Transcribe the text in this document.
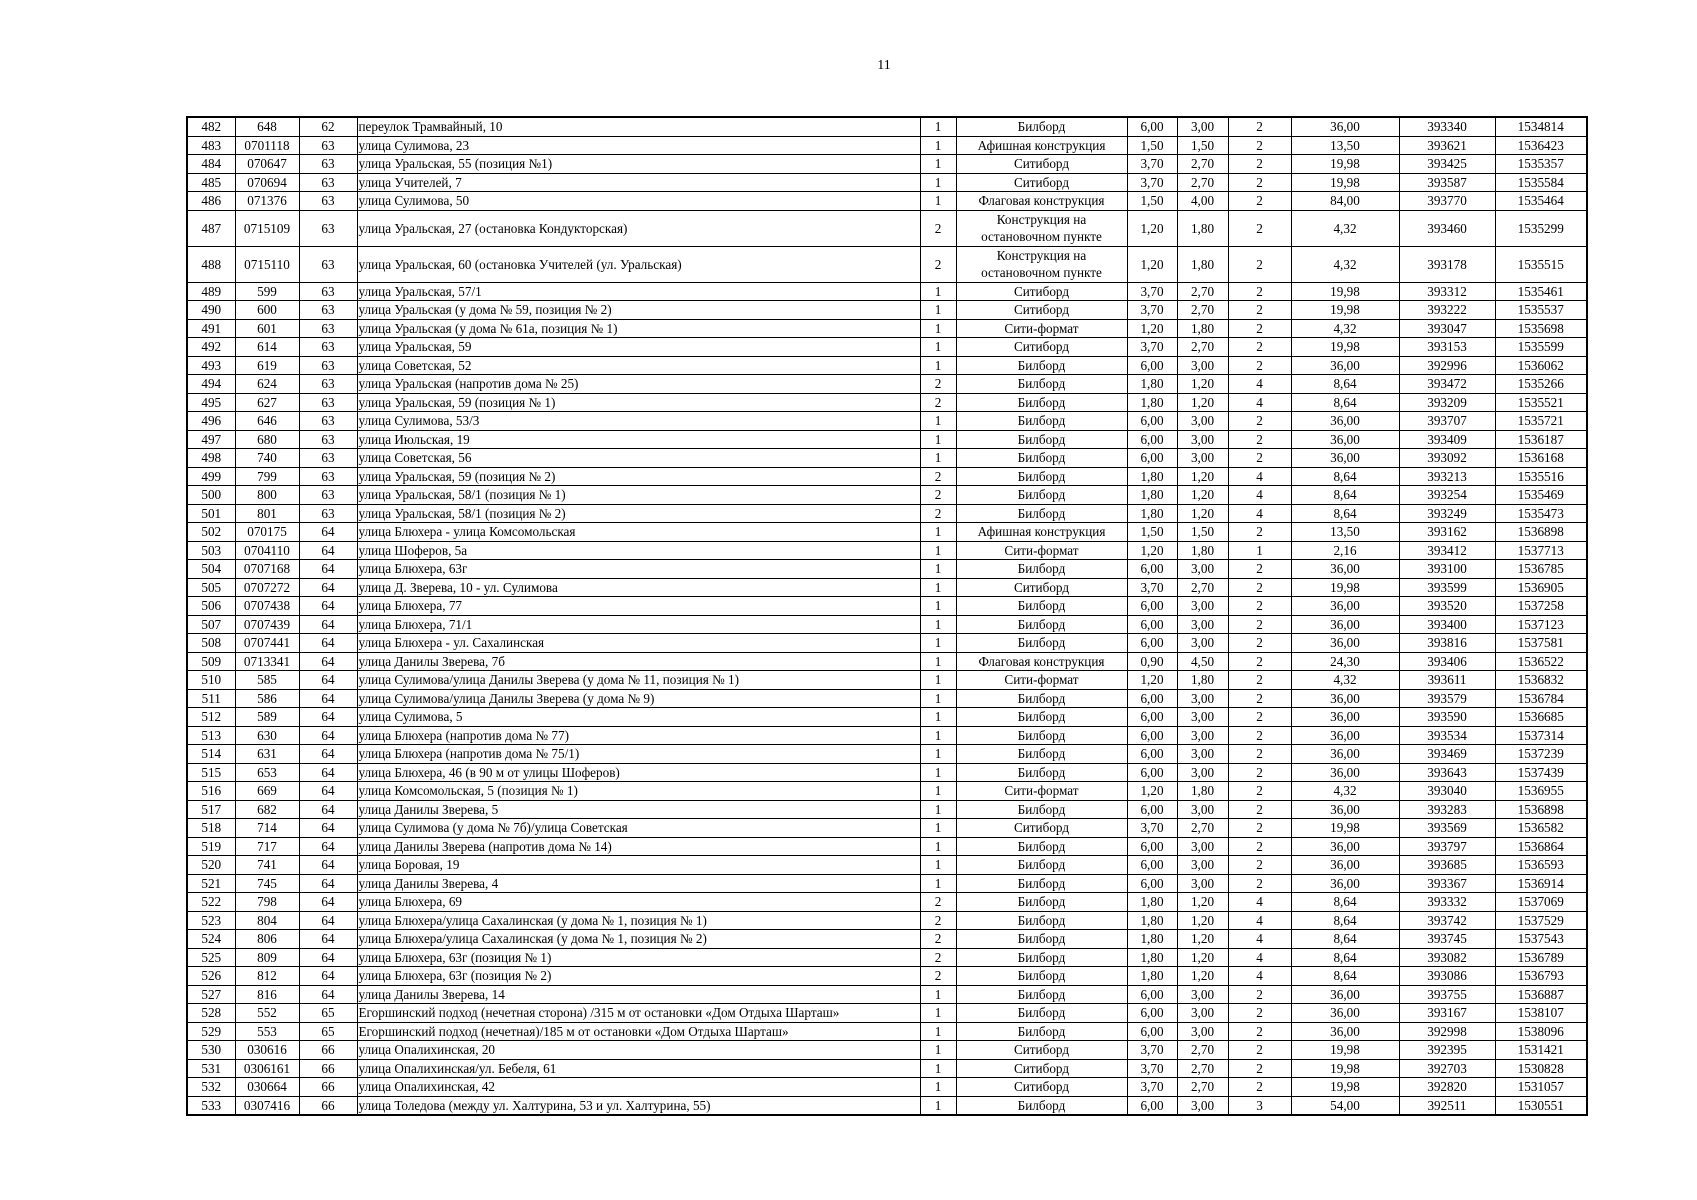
11
482	648	62	переулок Трамвайный, 10	1	Билборд	6,00	3,00	2	36,00	393340	1534814
483	0701118	63	улица Сулимова, 23	1	Афишная конструкция	1,50	1,50	2	13,50	393621	1536423
484	070647	63	улица Уральская, 55 (позиция №1)	1	Ситиборд	3,70	2,70	2	19,98	393425	1535357
485	070694	63	улица Учителей, 7	1	Ситиборд	3,70	2,70	2	19,98	393587	1535584
486	071376	63	улица Сулимова, 50	1	Флаговая конструкция	1,50	4,00	2	84,00	393770	1535464
487	0715109	63	улица Уральская, 27 (остановка Кондукторская)	2	Конструкция на остановочном пункте	1,20	1,80	2	4,32	393460	1535299
488	0715110	63	улица Уральская, 60 (остановка Учителей (ул. Уральская)	2	Конструкция на остановочном пункте	1,20	1,80	2	4,32	393178	1535515
489	599	63	улица Уральская, 57/1	1	Ситиборд	3,70	2,70	2	19,98	393312	1535461
490	600	63	улица Уральская (у дома № 59, позиция № 2)	1	Ситиборд	3,70	2,70	2	19,98	393222	1535537
491	601	63	улица Уральская (у дома № 61а, позиция № 1)	1	Сити-формат	1,20	1,80	2	4,32	393047	1535698
492	614	63	улица Уральская, 59	1	Ситиборд	3,70	2,70	2	19,98	393153	1535599
493	619	63	улица Советская, 52	1	Билборд	6,00	3,00	2	36,00	392996	1536062
494	624	63	улица Уральская (напротив дома № 25)	2	Билборд	1,80	1,20	4	8,64	393472	1535266
495	627	63	улица Уральская, 59 (позиция № 1)	2	Билборд	1,80	1,20	4	8,64	393209	1535521
496	646	63	улица Сулимова, 53/3	1	Билборд	6,00	3,00	2	36,00	393707	1535721
497	680	63	улица Июльская, 19	1	Билборд	6,00	3,00	2	36,00	393409	1536187
498	740	63	улица Советская, 56	1	Билборд	6,00	3,00	2	36,00	393092	1536168
499	799	63	улица Уральская, 59 (позиция № 2)	2	Билборд	1,80	1,20	4	8,64	393213	1535516
500	800	63	улица Уральская, 58/1 (позиция № 1)	2	Билборд	1,80	1,20	4	8,64	393254	1535469
501	801	63	улица Уральская, 58/1 (позиция № 2)	2	Билборд	1,80	1,20	4	8,64	393249	1535473
502	070175	64	улица Блюхера - улица Комсомольская	1	Афишная конструкция	1,50	1,50	2	13,50	393162	1536898
503	0704110	64	улица Шоферов, 5а	1	Сити-формат	1,20	1,80	1	2,16	393412	1537713
504	0707168	64	улица Блюхера, 63г	1	Билборд	6,00	3,00	2	36,00	393100	1536785
505	0707272	64	улица Д. Зверева, 10 - ул. Сулимова	1	Ситиборд	3,70	2,70	2	19,98	393599	1536905
506	0707438	64	улица Блюхера, 77	1	Билборд	6,00	3,00	2	36,00	393520	1537258
507	0707439	64	улица Блюхера, 71/1	1	Билборд	6,00	3,00	2	36,00	393400	1537123
508	0707441	64	улица Блюхера - ул. Сахалинская	1	Билборд	6,00	3,00	2	36,00	393816	1537581
509	0713341	64	улица Данилы Зверева, 7б	1	Флаговая конструкция	0,90	4,50	2	24,30	393406	1536522
510	585	64	улица Сулимова/улица Данилы Зверева (у дома № 11, позиция № 1)	1	Сити-формат	1,20	1,80	2	4,32	393611	1536832
511	586	64	улица Сулимова/улица Данилы Зверева (у дома № 9)	1	Билборд	6,00	3,00	2	36,00	393579	1536784
512	589	64	улица Сулимова, 5	1	Билборд	6,00	3,00	2	36,00	393590	1536685
513	630	64	улица Блюхера (напротив дома № 77)	1	Билборд	6,00	3,00	2	36,00	393534	1537314
514	631	64	улица Блюхера (напротив дома № 75/1)	1	Билборд	6,00	3,00	2	36,00	393469	1537239
515	653	64	улица Блюхера, 46 (в 90 м от улицы Шоферов)	1	Билборд	6,00	3,00	2	36,00	393643	1537439
516	669	64	улица Комсомольская, 5 (позиция № 1)	1	Сити-формат	1,20	1,80	2	4,32	393040	1536955
517	682	64	улица Данилы Зверева, 5	1	Билборд	6,00	3,00	2	36,00	393283	1536898
518	714	64	улица Сулимова (у дома № 7б)/улица Советская	1	Ситиборд	3,70	2,70	2	19,98	393569	1536582
519	717	64	улица Данилы Зверева (напротив дома № 14)	1	Билборд	6,00	3,00	2	36,00	393797	1536864
520	741	64	улица Боровая, 19	1	Билборд	6,00	3,00	2	36,00	393685	1536593
521	745	64	улица Данилы Зверева, 4	1	Билборд	6,00	3,00	2	36,00	393367	1536914
522	798	64	улица Блюхера, 69	2	Билборд	1,80	1,20	4	8,64	393332	1537069
523	804	64	улица Блюхера/улица Сахалинская (у дома № 1, позиция № 1)	2	Билборд	1,80	1,20	4	8,64	393742	1537529
524	806	64	улица Блюхера/улица Сахалинская (у дома № 1, позиция № 2)	2	Билборд	1,80	1,20	4	8,64	393745	1537543
525	809	64	улица Блюхера, 63г (позиция № 1)	2	Билборд	1,80	1,20	4	8,64	393082	1536789
526	812	64	улица Блюхера, 63г (позиция № 2)	2	Билборд	1,80	1,20	4	8,64	393086	1536793
527	816	64	улица Данилы Зверева, 14	1	Билборд	6,00	3,00	2	36,00	393755	1536887
528	552	65	Егоршинский подход (нечетная сторона) /315 м от остановки «Дом Отдыха Шарташ»	1	Билборд	6,00	3,00	2	36,00	393167	1538107
529	553	65	Егоршинский подход (нечетная)/185 м от остановки «Дом Отдыха Шарташ»	1	Билборд	6,00	3,00	2	36,00	392998	1538096
530	030616	66	улица Опалихинская, 20	1	Ситиборд	3,70	2,70	2	19,98	392395	1531421
531	0306161	66	улица Опалихинская/ул. Бебеля, 61	1	Ситиборд	3,70	2,70	2	19,98	392703	1530828
532	030664	66	улица Опалихинская, 42	1	Ситиборд	3,70	2,70	2	19,98	392820	1531057
533	0307416	66	улица Толедова (между ул. Халтурина, 53 и ул. Халтурина, 55)	1	Билборд	6,00	3,00	3	54,00	392511	1530551
